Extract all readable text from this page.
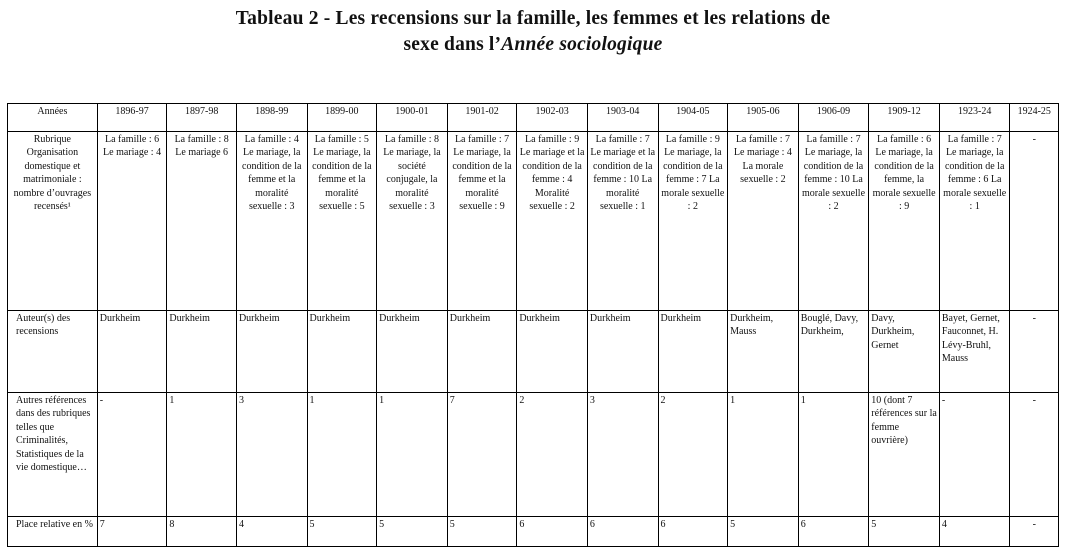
Tableau 2 - Les recensions sur la famille, les femmes et les relations de
sexe dans l’Année sociologique
Années	1896-97	1897-98	1898-99	1899-00	1900-01	1901-02	1902-03	1903-04	1904-05	1905-06	1906-09	1909-12	1923-24	1924-25
Rubrique Organisation domestique et matrimoniale : nombre d’ouvrages recensés¹	La famille : 6 Le mariage : 4	La famille : 8 Le mariage 6	La famille : 4 Le mariage, la condition de la femme et la moralité sexuelle : 3	La famille : 5 Le mariage, la condition de la femme et la moralité sexuelle : 5	La famille : 8 Le mariage, la société conjugale, la moralité sexuelle : 3	La famille : 7 Le mariage, la condition de la femme et la moralité sexuelle : 9	La famille : 9 Le mariage et la condition de la femme : 4 Moralité sexuelle : 2	La famille : 7 Le mariage et la condition de la femme : 10 La moralité sexuelle : 1	La famille : 9 Le mariage, la condition de la femme : 7 La morale sexuelle : 2	La famille : 7 Le mariage : 4 La morale sexuelle : 2	La famille : 7 Le mariage, la condition de la femme : 10 La morale sexuelle : 2	La famille : 6 Le mariage, la condition de la femme, la morale sexuelle : 9	La famille : 7 Le mariage, la condition de la femme : 6 La morale sexuelle : 1	-
Auteur(s) des recensions	Durkheim	Durkheim	Durkheim	Durkheim	Durkheim	Durkheim	Durkheim	Durkheim	Durkheim	Durkheim, Mauss	Bouglé, Davy, Durkheim,	Davy, Durkheim, Gernet	Bayet, Gernet, Fauconnet, H. Lévy-Bruhl, Mauss	-
Autres références dans des rubriques telles que Criminalités, Statistiques de la vie domestique…	-	1	3	1	1	7	2	3	2	1	1	10 (dont 7 références sur la femme ouvrière)	-	-
Place relative en %	7	8	4	5	5	5	6	6	6	5	6	5	4	-
